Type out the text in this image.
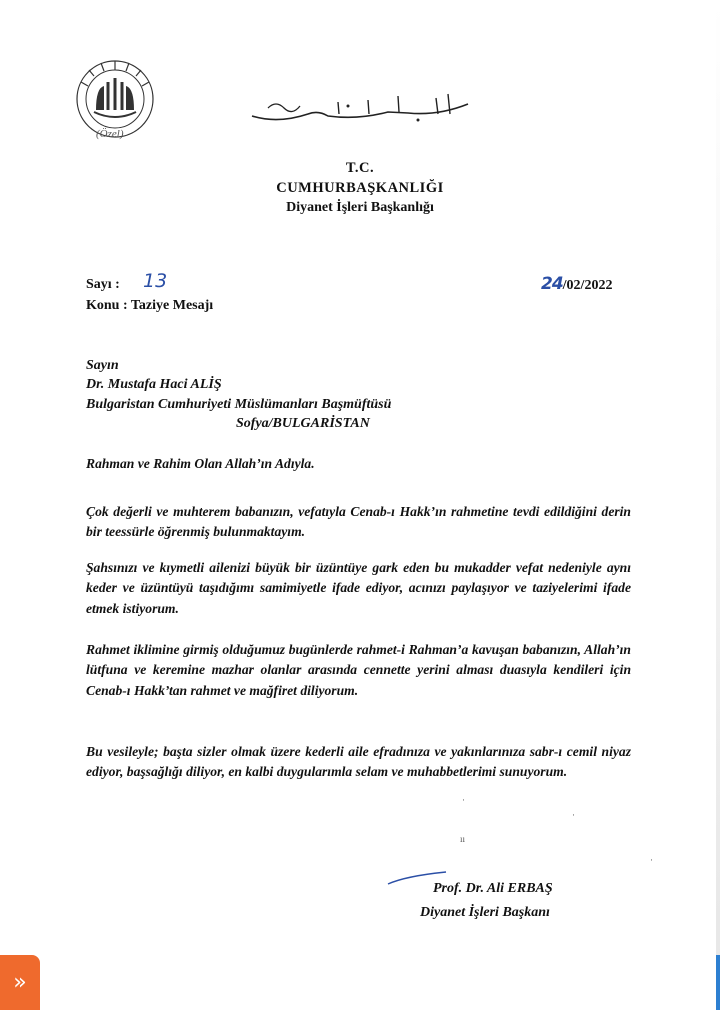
(Özel)
T.C.
CUMHURBAŞKANLIĞI
Diyanet İşleri Başkanlığı
Sayı : 13
Konu : Taziye Mesajı
24/02/2022
Sayın
Dr. Mustafa Haci ALİŞ
Bulgaristan Cumhuriyeti Müslümanları Başmüftüsü
Sofya/BULGARİSTAN
Rahman ve Rahim Olan Allah’ın Adıyla.
Çok değerli ve muhterem babanızın, vefatıyla Cenab-ı Hakk’ın rahmetine tevdi edildiğini derin bir teessürle öğrenmiş bulunmaktayım.
Şahsınızı ve kıymetli ailenizi büyük bir üzüntüye gark eden bu mukadder vefat nedeniyle aynı keder ve üzüntüyü taşıdığımı samimiyetle ifade ediyor, acınızı paylaşıyor ve taziyelerimi ifade etmek istiyorum.
Rahmet iklimine girmiş olduğumuz bugünlerde rahmet-i Rahman’a kavuşan babanızın, Allah’ın lütfuna ve keremine mazhar olanlar arasında cennette yerini alması duasıyla kendileri için Cenab-ı Hakk’tan rahmet ve mağfiret diliyorum.
Bu vesileyle; başta sizler olmak üzere kederli aile efradınıza ve yakınlarınıza sabr-ı cemil niyaz ediyor, başsağlığı diliyor, en kalbi duygularımla selam ve muhabbetlerimi sunuyorum.
·
·
ıı
·
Prof. Dr. Ali ERBAŞ
Diyanet İşleri Başkanı
»
